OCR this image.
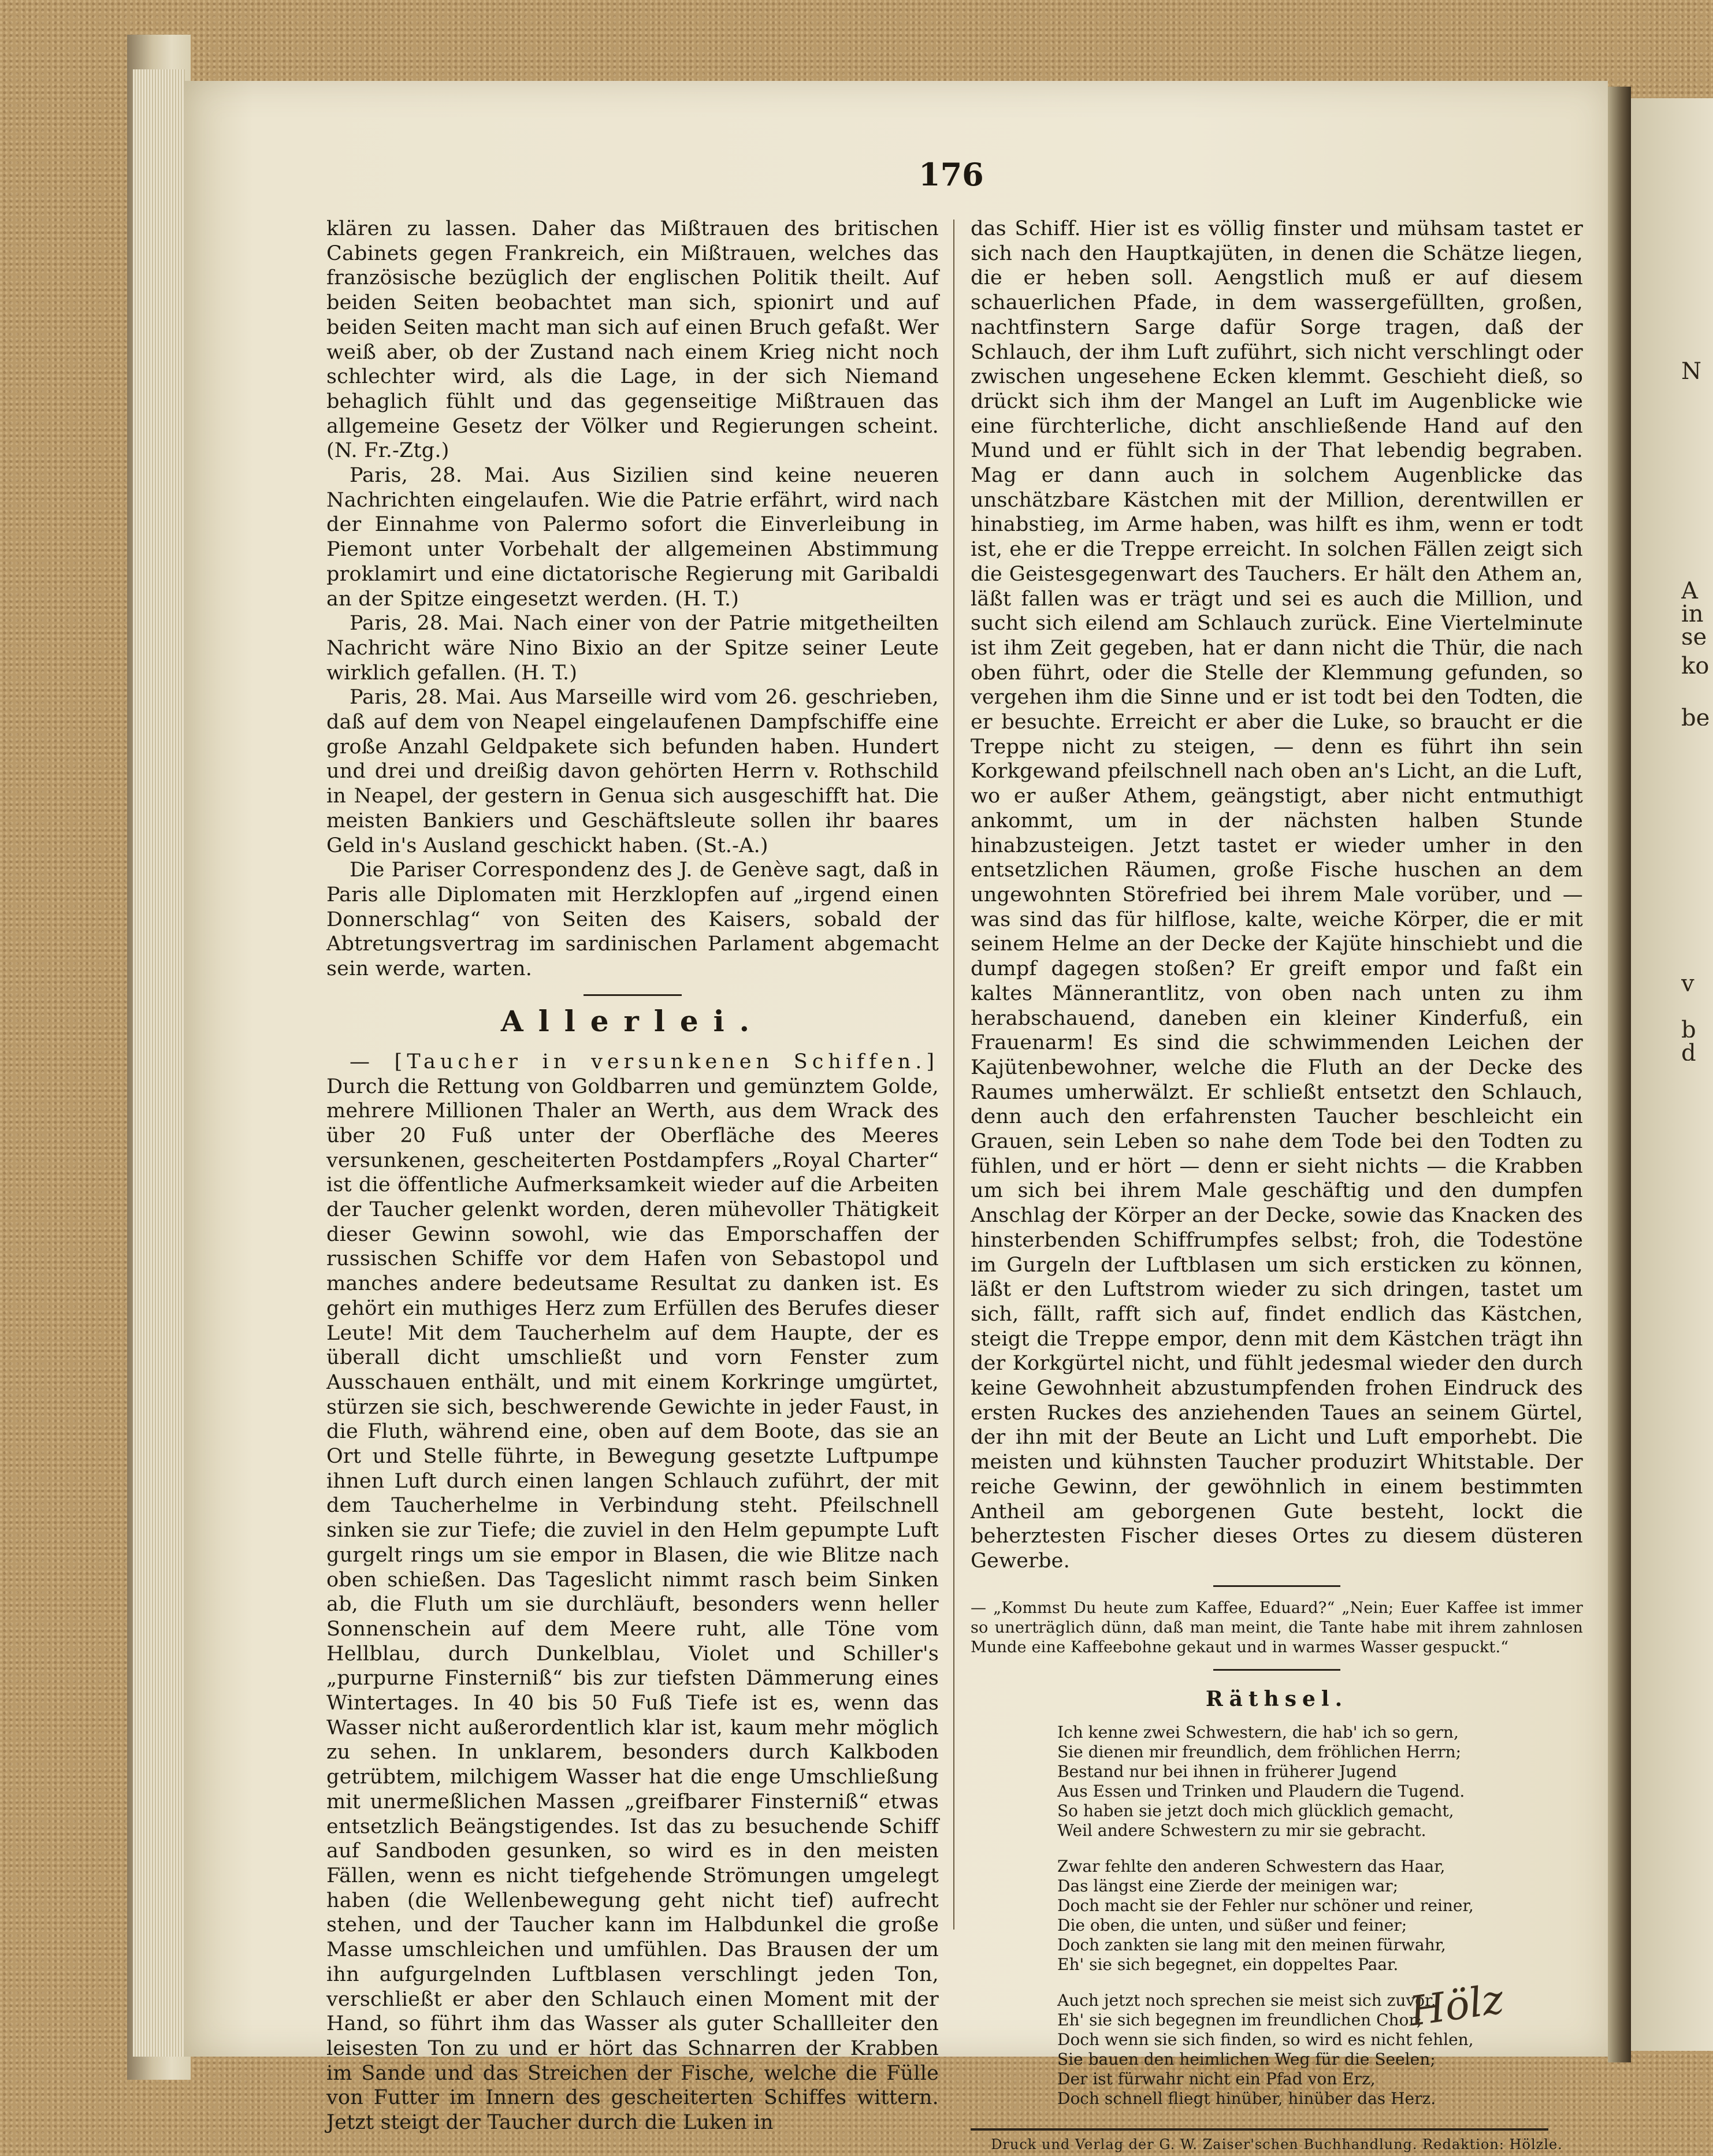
N
A
in
se
ko
be
v
b
d
176

klären zu lassen. Daher das Mißtrauen des britischen Cabinets gegen Frankreich, ein Mißtrauen, welches das französische bezüglich der englischen Politik theilt. Auf beiden Seiten beobachtet man sich, spionirt und auf beiden Seiten macht man sich auf einen Bruch gefaßt. Wer weiß aber, ob der Zustand nach einem Krieg nicht noch schlechter wird, als die Lage, in der sich Niemand behaglich fühlt und das gegenseitige Mißtrauen das allgemeine Gesetz der Völker und Regierungen scheint. (N. Fr.-Ztg.)

Paris, 28. Mai. Aus Sizilien sind keine neueren Nachrichten eingelaufen. Wie die Patrie erfährt, wird nach der Einnahme von Palermo sofort die Einverleibung in Piemont unter Vorbehalt der allgemeinen Abstimmung proklamirt und eine dictatorische Regierung mit Garibaldi an der Spitze eingesetzt werden. (H. T.)

Paris, 28. Mai. Nach einer von der Patrie mitgetheilten Nachricht wäre Nino Bixio an der Spitze seiner Leute wirklich gefallen. (H. T.)

Paris, 28. Mai. Aus Marseille wird vom 26. geschrieben, daß auf dem von Neapel eingelaufenen Dampfschiffe eine große Anzahl Geldpakete sich befunden haben. Hundert und drei und dreißig davon gehörten Herrn v. Rothschild in Neapel, der gestern in Genua sich ausgeschifft hat. Die meisten Bankiers und Geschäftsleute sollen ihr baares Geld in's Ausland geschickt haben. (St.-A.)

Die Pariser Correspondenz des J. de Genève sagt, daß in Paris alle Diplomaten mit Herzklopfen auf „irgend einen Donnerschlag“ von Seiten des Kaisers, sobald der Abtretungsvertrag im sardinischen Parlament abgemacht sein werde, warten.

Allerlei.

— [Taucher in versunkenen Schiffen.] Durch die Rettung von Goldbarren und gemünztem Golde, mehrere Millionen Thaler an Werth, aus dem Wrack des über 20 Fuß unter der Oberfläche des Meeres versunkenen, gescheiterten Postdampfers „Royal Charter“ ist die öffentliche Aufmerksamkeit wieder auf die Arbeiten der Taucher gelenkt worden, deren mühevoller Thätigkeit dieser Gewinn sowohl, wie das Emporschaffen der russischen Schiffe vor dem Hafen von Sebastopol und manches andere bedeutsame Resultat zu danken ist. Es gehört ein muthiges Herz zum Erfüllen des Berufes dieser Leute! Mit dem Taucherhelm auf dem Haupte, der es überall dicht umschließt und vorn Fenster zum Ausschauen enthält, und mit einem Korkringe umgürtet, stürzen sie sich, beschwerende Gewichte in jeder Faust, in die Fluth, während eine, oben auf dem Boote, das sie an Ort und Stelle führte, in Bewegung gesetzte Luftpumpe ihnen Luft durch einen langen Schlauch zuführt, der mit dem Taucherhelme in Verbindung steht. Pfeilschnell sinken sie zur Tiefe; die zuviel in den Helm gepumpte Luft gurgelt rings um sie empor in Blasen, die wie Blitze nach oben schießen. Das Tageslicht nimmt rasch beim Sinken ab, die Fluth um sie durchläuft, besonders wenn heller Sonnenschein auf dem Meere ruht, alle Töne vom Hellblau, durch Dunkelblau, Violet und Schiller's „purpurne Finsterniß“ bis zur tiefsten Dämmerung eines Wintertages. In 40 bis 50 Fuß Tiefe ist es, wenn das Wasser nicht außerordentlich klar ist, kaum mehr möglich zu sehen. In unklarem, besonders durch Kalkboden getrübtem, milchigem Wasser hat die enge Umschließung mit unermeßlichen Massen „greifbarer Finsterniß“ etwas entsetzlich Beängstigendes. Ist das zu besuchende Schiff auf Sandboden gesunken, so wird es in den meisten Fällen, wenn es nicht tiefgehende Strömungen umgelegt haben (die Wellenbewegung geht nicht tief) aufrecht stehen, und der Taucher kann im Halbdunkel die große Masse umschleichen und umfühlen. Das Brausen der um ihn aufgurgelnden Luftblasen verschlingt jeden Ton, verschließt er aber den Schlauch einen Moment mit der Hand, so führt ihm das Wasser als guter Schallleiter den leisesten Ton zu und er hört das Schnarren der Krabben im Sande und das Streichen der Fische, welche die Fülle von Futter im Innern des gescheiterten Schiffes wittern. Jetzt steigt der Taucher durch die Luken in

das Schiff. Hier ist es völlig finster und mühsam tastet er sich nach den Hauptkajüten, in denen die Schätze liegen, die er heben soll. Aengstlich muß er auf diesem schauerlichen Pfade, in dem wassergefüllten, großen, nachtfinstern Sarge dafür Sorge tragen, daß der Schlauch, der ihm Luft zuführt, sich nicht verschlingt oder zwischen ungesehene Ecken klemmt. Geschieht dieß, so drückt sich ihm der Mangel an Luft im Augenblicke wie eine fürchterliche, dicht anschließende Hand auf den Mund und er fühlt sich in der That lebendig begraben. Mag er dann auch in solchem Augenblicke das unschätzbare Kästchen mit der Million, derentwillen er hinabstieg, im Arme haben, was hilft es ihm, wenn er todt ist, ehe er die Treppe erreicht. In solchen Fällen zeigt sich die Geistesgegenwart des Tauchers. Er hält den Athem an, läßt fallen was er trägt und sei es auch die Million, und sucht sich eilend am Schlauch zurück. Eine Viertelminute ist ihm Zeit gegeben, hat er dann nicht die Thür, die nach oben führt, oder die Stelle der Klemmung gefunden, so vergehen ihm die Sinne und er ist todt bei den Todten, die er besuchte. Erreicht er aber die Luke, so braucht er die Treppe nicht zu steigen, — denn es führt ihn sein Korkgewand pfeilschnell nach oben an's Licht, an die Luft, wo er außer Athem, geängstigt, aber nicht entmuthigt ankommt, um in der nächsten halben Stunde hinabzusteigen. Jetzt tastet er wieder umher in den entsetzlichen Räumen, große Fische huschen an dem ungewohnten Störefried bei ihrem Male vorüber, und — was sind das für hilflose, kalte, weiche Körper, die er mit seinem Helme an der Decke der Kajüte hinschiebt und die dumpf dagegen stoßen? Er greift empor und faßt ein kaltes Männerantlitz, von oben nach unten zu ihm herabschauend, daneben ein kleiner Kinderfuß, ein Frauenarm! Es sind die schwimmenden Leichen der Kajütenbewohner, welche die Fluth an der Decke des Raumes umherwälzt. Er schließt entsetzt den Schlauch, denn auch den erfahrensten Taucher beschleicht ein Grauen, sein Leben so nahe dem Tode bei den Todten zu fühlen, und er hört — denn er sieht nichts — die Krabben um sich bei ihrem Male geschäftig und den dumpfen Anschlag der Körper an der Decke, sowie das Knacken des hinsterbenden Schiffrumpfes selbst; froh, die Todestöne im Gurgeln der Luftblasen um sich ersticken zu können, läßt er den Luftstrom wieder zu sich dringen, tastet um sich, fällt, rafft sich auf, findet endlich das Kästchen, steigt die Treppe empor, denn mit dem Kästchen trägt ihn der Korkgürtel nicht, und fühlt jedesmal wieder den durch keine Gewohnheit abzustumpfenden frohen Eindruck des ersten Ruckes des anziehenden Taues an seinem Gürtel, der ihn mit der Beute an Licht und Luft emporhebt. Die meisten und kühnsten Taucher produzirt Whitstable. Der reiche Gewinn, der gewöhnlich in einem bestimmten Antheil am geborgenen Gute besteht, lockt die beherztesten Fischer dieses Ortes zu diesem düsteren Gewerbe.

— „Kommst Du heute zum Kaffee, Eduard?“ „Nein; Euer Kaffee ist immer so unerträglich dünn, daß man meint, die Tante habe mit ihrem zahnlosen Munde eine Kaffeebohne gekaut und in warmes Wasser gespuckt.“

Räthsel.
Ich kenne zwei Schwestern, die hab' ich so gern,
Sie dienen mir freundlich, dem fröhlichen Herrn;
Bestand nur bei ihnen in früherer Jugend
Aus Essen und Trinken und Plaudern die Tugend.
So haben sie jetzt doch mich glücklich gemacht,
Weil andere Schwestern zu mir sie gebracht.
Zwar fehlte den anderen Schwestern das Haar,
Das längst eine Zierde der meinigen war;
Doch macht sie der Fehler nur schöner und reiner,
Die oben, die unten, und süßer und feiner;
Doch zankten sie lang mit den meinen fürwahr,
Eh' sie sich begegnet, ein doppeltes Paar.
Auch jetzt noch sprechen sie meist sich zuvor,
Eh' sie sich begegnen im freundlichen Chor;
Doch wenn sie sich finden, so wird es nicht fehlen,
Sie bauen den heimlichen Weg für die Seelen;
Der ist fürwahr nicht ein Pfad von Erz,
Doch schnell fliegt hinüber, hinüber das Herz.
Druck und Verlag der G. W. Zaiser'schen Buchhandlung. Redaktion: Hölzle.
Hölz
